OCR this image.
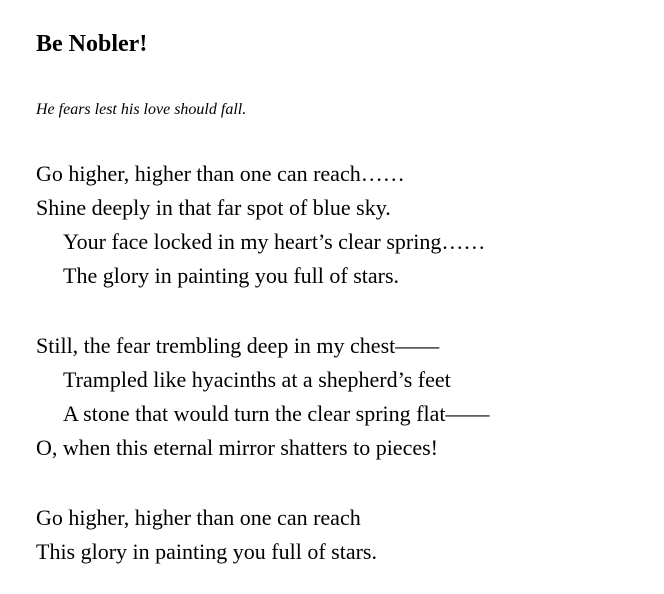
Be Nobler!

He fears lest his love should fall.

Go higher, higher than one can reach……

Shine deeply in that far spot of blue sky.

Your face locked in my heart’s clear spring……

The glory in painting you full of stars.

Still, the fear trembling deep in my chest——

Trampled like hyacinths at a shepherd’s feet

A stone that would turn the clear spring flat——

O, when this eternal mirror shatters to pieces!

Go higher, higher than one can reach

This glory in painting you full of stars.
